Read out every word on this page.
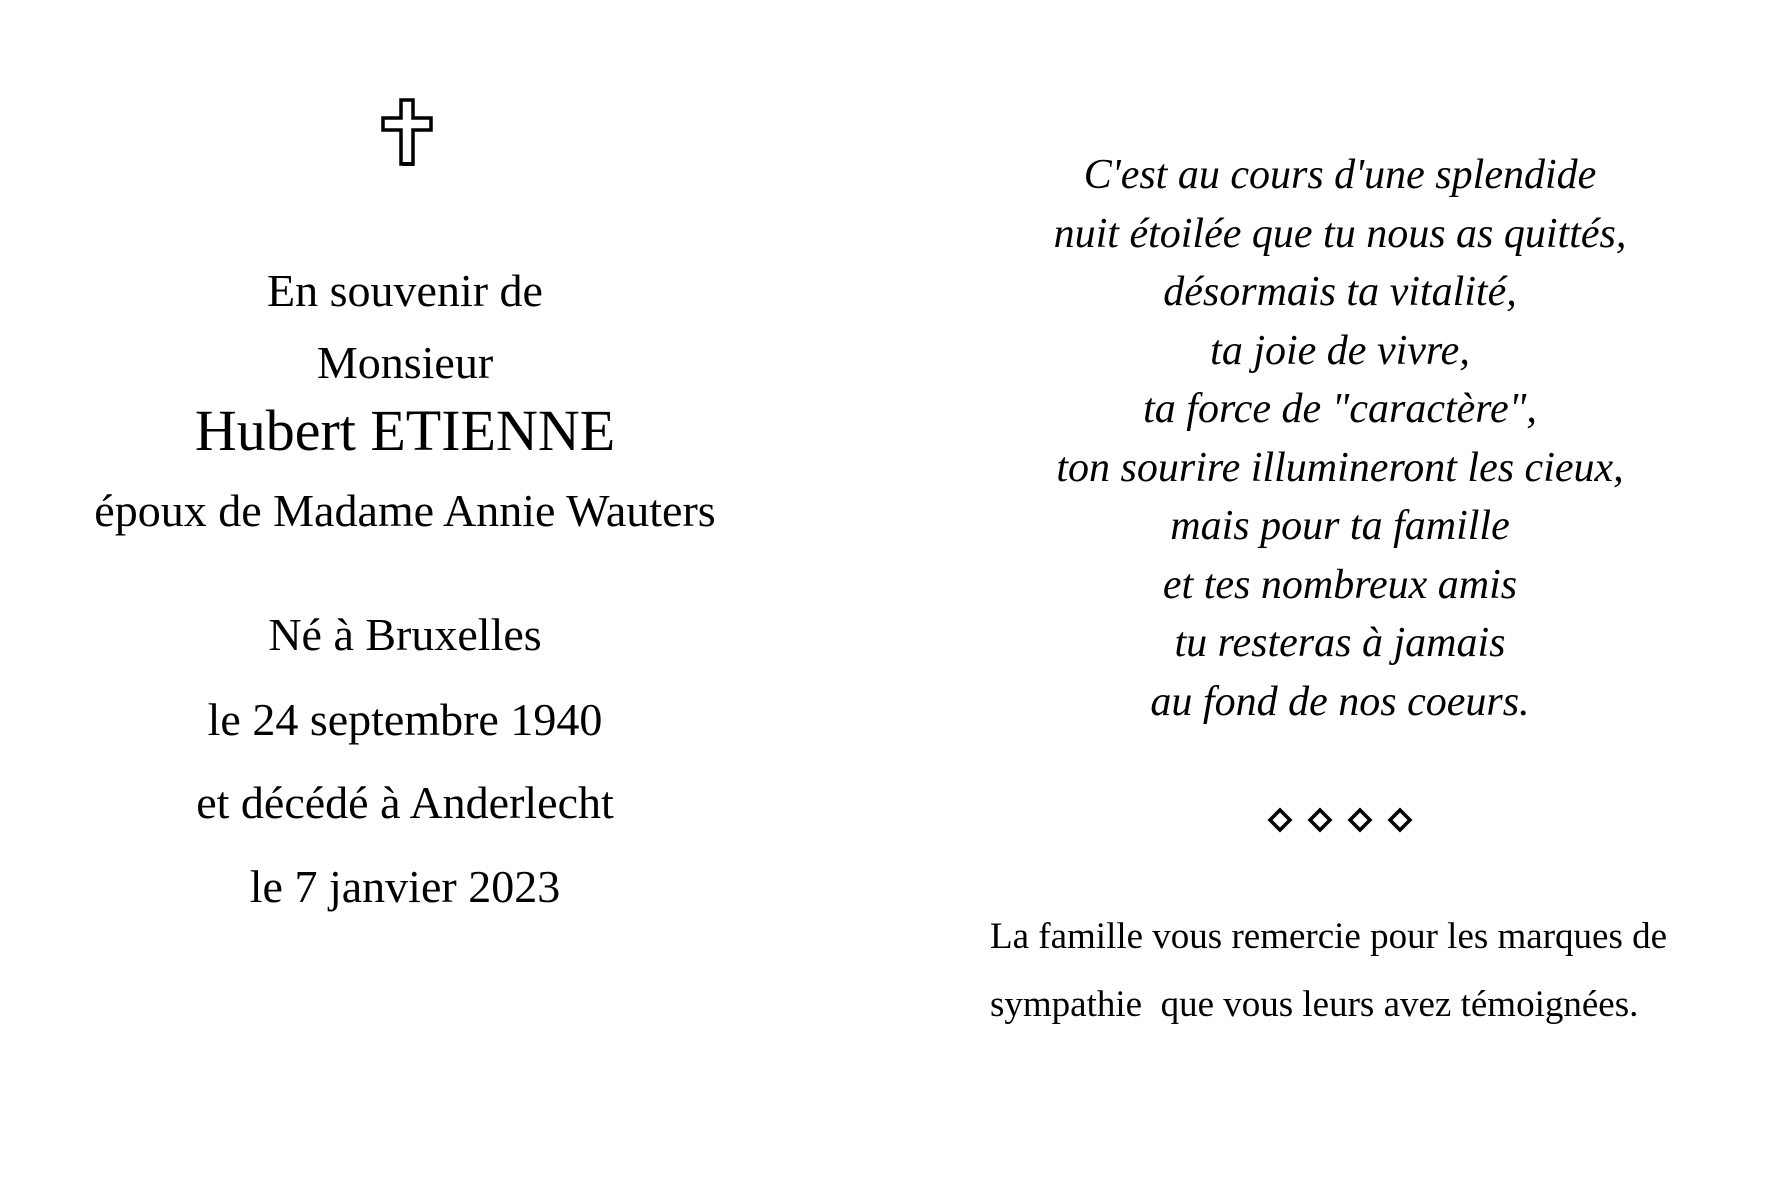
En souvenir de
Monsieur
Hubert ETIENNE
époux de Madame Annie Wauters
Né à Bruxelles
le 24 septembre 1940
et décédé à Anderlecht
le 7 janvier 2023
C'est au cours d'une splendide
nuit étoilée que tu nous as quittés,
désormais ta vitalité,
ta joie de vivre,
ta force de "caractère",
ton sourire illumineront les cieux,
mais pour ta famille
et tes nombreux amis
tu resteras à jamais
au fond de nos coeurs.
La famille vous remercie pour les marques de
sympathie  que vous leurs avez témoignées.
